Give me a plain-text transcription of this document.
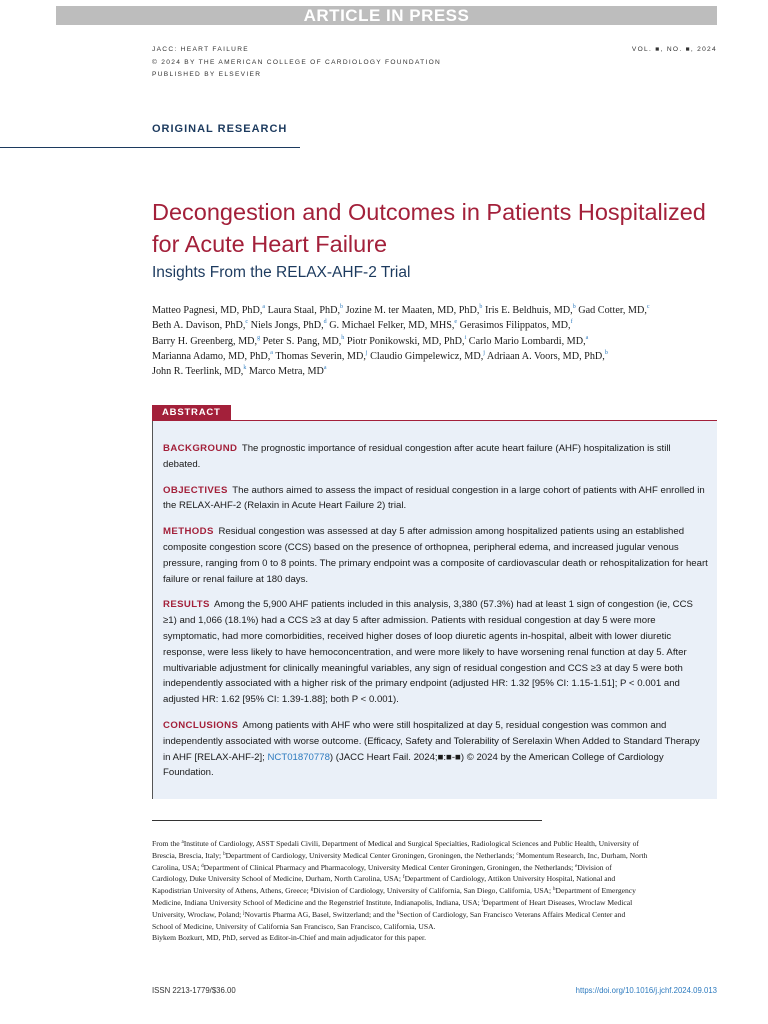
ARTICLE IN PRESS
JACC: HEART FAILURE
© 2024 BY THE AMERICAN COLLEGE OF CARDIOLOGY FOUNDATION
PUBLISHED BY ELSEVIER
VOL. ■, NO. ■, 2024
ORIGINAL RESEARCH
Decongestion and Outcomes in Patients Hospitalized for Acute Heart Failure
Insights From the RELAX-AHF-2 Trial
Matteo Pagnesi, MD, PhD,$^a$ Laura Staal, PhD,$^b$ Jozine M. ter Maaten, MD, PhD,$^b$ Iris E. Beldhuis, MD,$^b$ Gad Cotter, MD,$^c$
Beth A. Davison, PhD,$^c$ Niels Jongs, PhD,$^d$ G. Michael Felker, MD, MHS,$^e$ Gerasimos Filippatos, MD,$^f$
Barry H. Greenberg, MD,$^g$ Peter S. Pang, MD,$^h$ Piotr Ponikowski, MD, PhD,$^i$ Carlo Mario Lombardi, MD,$^a$
Marianna Adamo, MD, PhD,$^a$ Thomas Severin, MD,$^j$ Claudio Gimpelewicz, MD,$^j$ Adriaan A. Voors, MD, PhD,$^b$
John R. Teerlink, MD,$^k$ Marco Metra, $MD^a$
ABSTRACT

BACKGROUND The prognostic importance of residual congestion after acute heart failure (AHF) hospitalization is still debated.

OBJECTIVES The authors aimed to assess the impact of residual congestion in a large cohort of patients with AHF enrolled in the RELAX-AHF-2 (Relaxin in Acute Heart Failure 2) trial.

METHODS Residual congestion was assessed at day 5 after admission among hospitalized patients using an established composite congestion score (CCS) based on the presence of orthopnea, peripheral edema, and increased jugular venous pressure, ranging from 0 to 8 points. The primary endpoint was a composite of cardiovascular death or rehospitalization for heart failure or renal failure at 180 days.

RESULTS Among the 5,900 AHF patients included in this analysis, 3,380 (57.3%) had at least 1 sign of congestion (ie, CCS ≥1) and 1,066 (18.1%) had a CCS ≥3 at day 5 after admission. Patients with residual congestion at day 5 were more symptomatic, had more comorbidities, received higher doses of loop diuretic agents in-hospital, albeit with lower diuretic response, were less likely to have hemoconcentration, and were more likely to have worsening renal function at day 5. After multivariable adjustment for clinically meaningful variables, any sign of residual congestion and CCS ≥3 at day 5 were both independently associated with a higher risk of the primary endpoint (adjusted HR: 1.32 [95% CI: 1.15-1.51]; P < 0.001 and adjusted HR: 1.62 [95% CI: 1.39-1.88]; both P < 0.001).

CONCLUSIONS Among patients with AHF who were still hospitalized at day 5, residual congestion was common and independently associated with worse outcome. (Efficacy, Safety and Tolerability of Serelaxin When Added to Standard Therapy in AHF [RELAX-AHF-2]; NCT01870778) (JACC Heart Fail. 2024;■:■-■) © 2024 by the American College of Cardiology Foundation.

From the $^a$Institute of Cardiology, ASST Spedali Civili, Department of Medical and Surgical Specialties, Radiological Sciences and Public Health, University of Brescia, Brescia, Italy; $^b$Department of Cardiology, University Medical Center Groningen, Groningen, the Netherlands; $^c$Momentum Research, Inc, Durham, North Carolina, USA; $^d$Department of Clinical Pharmacy and Pharmacology, University Medical Center Groningen, Groningen, the Netherlands; $^e$Division of Cardiology, Duke University School of Medicine, Durham, North Carolina, USA; $^f$Department of Cardiology, Attikon University Hospital, National and Kapodistrian University of Athens, Athens, Greece; $^g$Division of Cardiology, University of California, San Diego, California, USA; $^h$Department of Emergency Medicine, Indiana University School of Medicine and the Regenstrief Institute, Indianapolis, Indiana, USA; $^i$Department of Heart Diseases, Wroclaw Medical University, Wrocław, Poland; $^j$Novartis Pharma AG, Basel, Switzerland; and the $^k$Section of Cardiology, San Francisco Veterans Affairs Medical Center and School of Medicine, University of California San Francisco, San Francisco, California, USA.
Biykem Bozkurt, MD, PhD, served as Editor-in-Chief and main adjudicator for this paper.
ISSN 2213-1779/$36.00	https://doi.org/10.1016/j.jchf.2024.09.013
